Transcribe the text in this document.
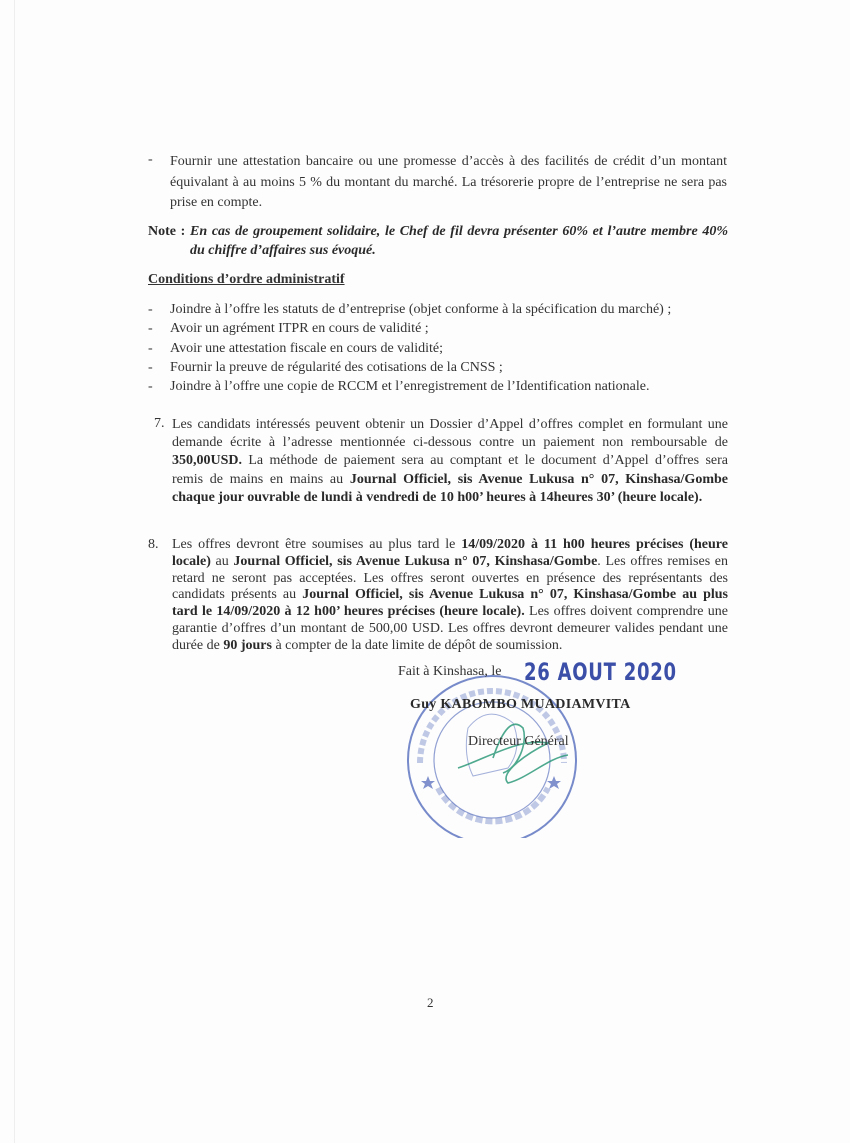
- Fournir une attestation bancaire ou une promesse d’accès à des facilités de crédit d’un montant
équivalant à au moins 5 % du montant du marché. La trésorerie propre de l’entreprise ne sera pas
prise en compte.
Note : En cas de groupement solidaire, le Chef de fil devra présenter 60% et l’autre membre 40%
du chiffre d’affaires sus évoqué.
Conditions d’ordre administratif
- Joindre à l’offre les statuts de d’entreprise (objet conforme à la spécification du marché) ;
- Avoir un agrément ITPR en cours de validité ;
- Avoir une attestation fiscale en cours de validité;
- Fournir la preuve de régularité des cotisations de la CNSS ;
- Joindre à l’offre une copie de RCCM et l’enregistrement de l’Identification nationale.
7. Les candidats intéressés peuvent obtenir un Dossier d’Appel d’offres complet en formulant une
demande écrite à l’adresse mentionnée ci-dessous contre un paiement non remboursable de
350,00USD. La méthode de paiement sera au comptant et le document d’Appel d’offres sera
remis de mains en mains au Journal Officiel, sis Avenue Lukusa n° 07, Kinshasa/Gombe
chaque jour ouvrable de lundi à vendredi de 10 h00’ heures à 14heures 30’ (heure locale).
8. Les offres devront être soumises au plus tard le 14/09/2020 à 11 h00 heures précises (heure
locale) au Journal Officiel, sis Avenue Lukusa n° 07, Kinshasa/Gombe. Les offres remises en
retard ne seront pas acceptées. Les offres seront ouvertes en présence des représentants des
candidats présents au Journal Officiel, sis Avenue Lukusa n° 07, Kinshasa/Gombe au plus
tard le 14/09/2020 à 12 h00’ heures précises (heure locale). Les offres doivent comprendre une
garantie d’offres d’un montant de 500,00 USD. Les offres devront demeurer valides pendant une
durée de 90 jours à compter de la date limite de dépôt de soumission.
Fait à Kinshasa, le 26 AOUT 2020
Guy KABOMBO MUADIAMVITA
Directeur Général
2
